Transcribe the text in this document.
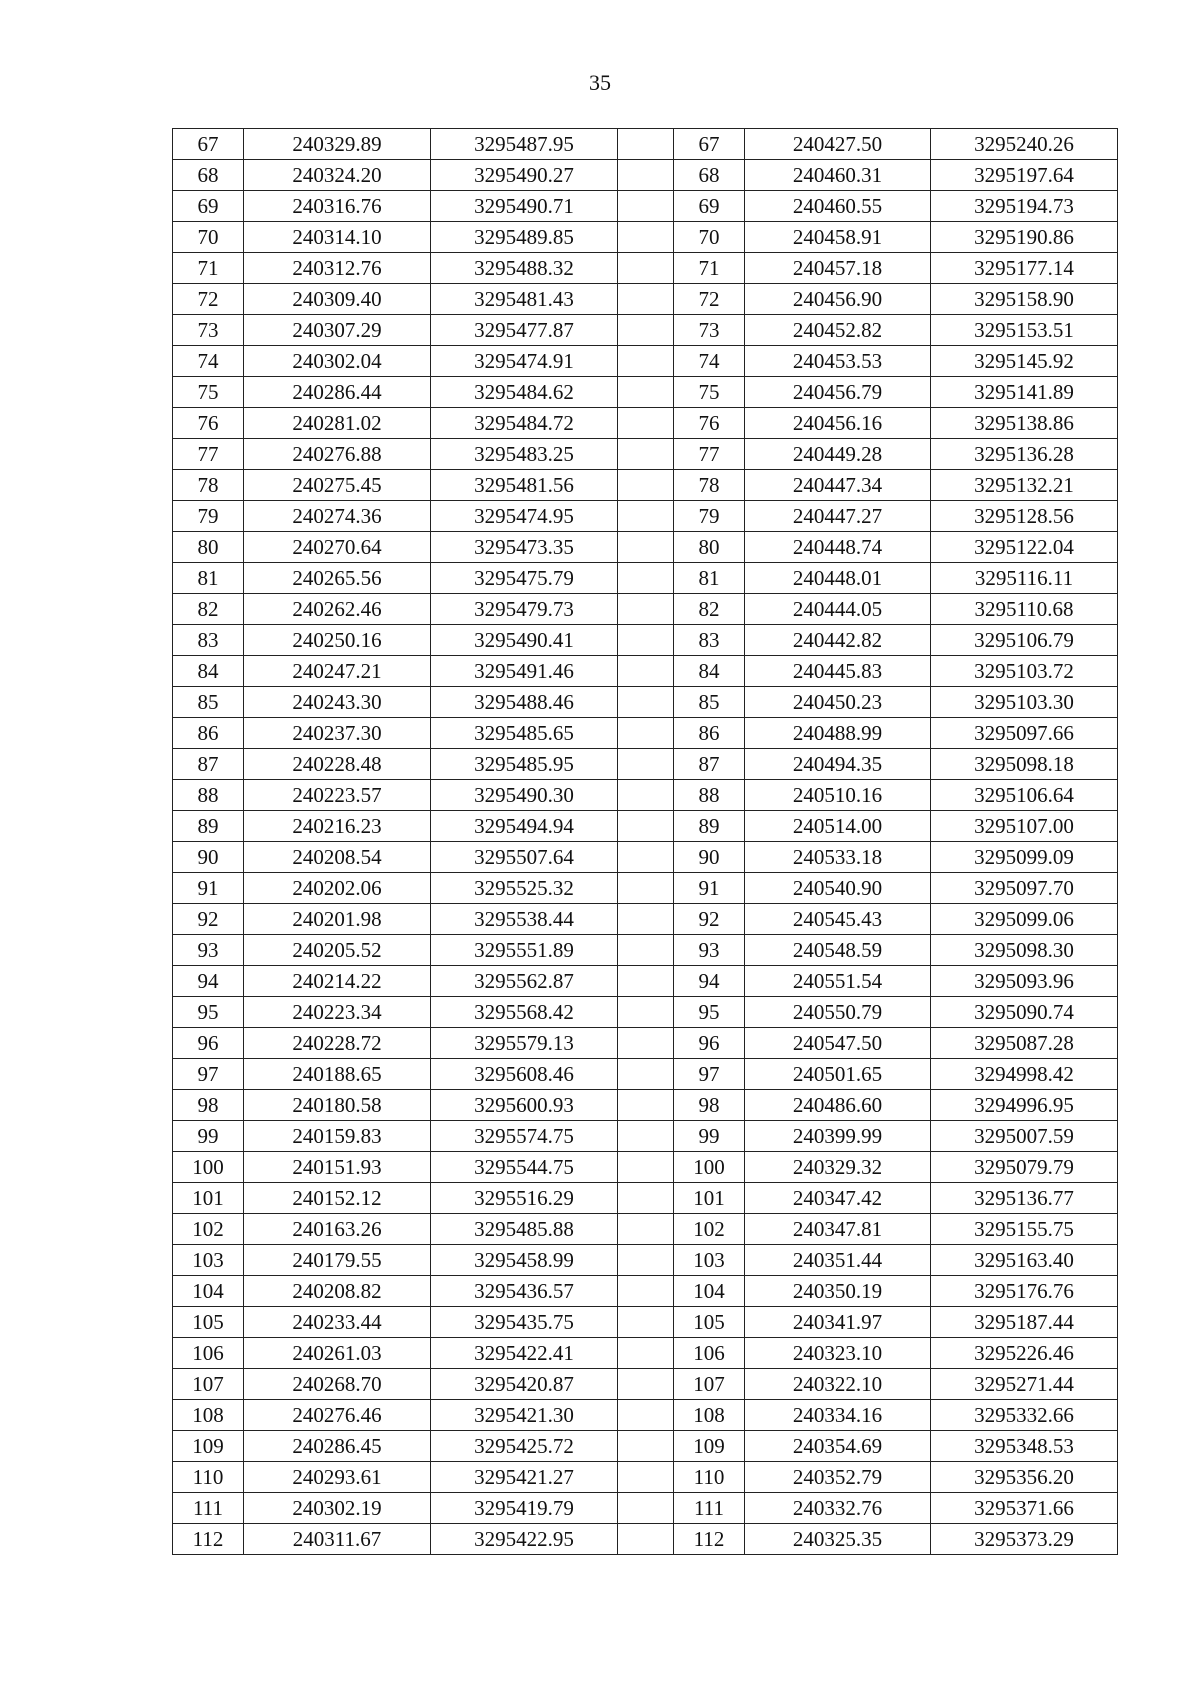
35
67	240329.89	3295487.95		67	240427.50	3295240.26
68	240324.20	3295490.27		68	240460.31	3295197.64
69	240316.76	3295490.71		69	240460.55	3295194.73
70	240314.10	3295489.85		70	240458.91	3295190.86
71	240312.76	3295488.32		71	240457.18	3295177.14
72	240309.40	3295481.43		72	240456.90	3295158.90
73	240307.29	3295477.87		73	240452.82	3295153.51
74	240302.04	3295474.91		74	240453.53	3295145.92
75	240286.44	3295484.62		75	240456.79	3295141.89
76	240281.02	3295484.72		76	240456.16	3295138.86
77	240276.88	3295483.25		77	240449.28	3295136.28
78	240275.45	3295481.56		78	240447.34	3295132.21
79	240274.36	3295474.95		79	240447.27	3295128.56
80	240270.64	3295473.35		80	240448.74	3295122.04
81	240265.56	3295475.79		81	240448.01	3295116.11
82	240262.46	3295479.73		82	240444.05	3295110.68
83	240250.16	3295490.41		83	240442.82	3295106.79
84	240247.21	3295491.46		84	240445.83	3295103.72
85	240243.30	3295488.46		85	240450.23	3295103.30
86	240237.30	3295485.65		86	240488.99	3295097.66
87	240228.48	3295485.95		87	240494.35	3295098.18
88	240223.57	3295490.30		88	240510.16	3295106.64
89	240216.23	3295494.94		89	240514.00	3295107.00
90	240208.54	3295507.64		90	240533.18	3295099.09
91	240202.06	3295525.32		91	240540.90	3295097.70
92	240201.98	3295538.44		92	240545.43	3295099.06
93	240205.52	3295551.89		93	240548.59	3295098.30
94	240214.22	3295562.87		94	240551.54	3295093.96
95	240223.34	3295568.42		95	240550.79	3295090.74
96	240228.72	3295579.13		96	240547.50	3295087.28
97	240188.65	3295608.46		97	240501.65	3294998.42
98	240180.58	3295600.93		98	240486.60	3294996.95
99	240159.83	3295574.75		99	240399.99	3295007.59
100	240151.93	3295544.75		100	240329.32	3295079.79
101	240152.12	3295516.29		101	240347.42	3295136.77
102	240163.26	3295485.88		102	240347.81	3295155.75
103	240179.55	3295458.99		103	240351.44	3295163.40
104	240208.82	3295436.57		104	240350.19	3295176.76
105	240233.44	3295435.75		105	240341.97	3295187.44
106	240261.03	3295422.41		106	240323.10	3295226.46
107	240268.70	3295420.87		107	240322.10	3295271.44
108	240276.46	3295421.30		108	240334.16	3295332.66
109	240286.45	3295425.72		109	240354.69	3295348.53
110	240293.61	3295421.27		110	240352.79	3295356.20
111	240302.19	3295419.79		111	240332.76	3295371.66
112	240311.67	3295422.95		112	240325.35	3295373.29
